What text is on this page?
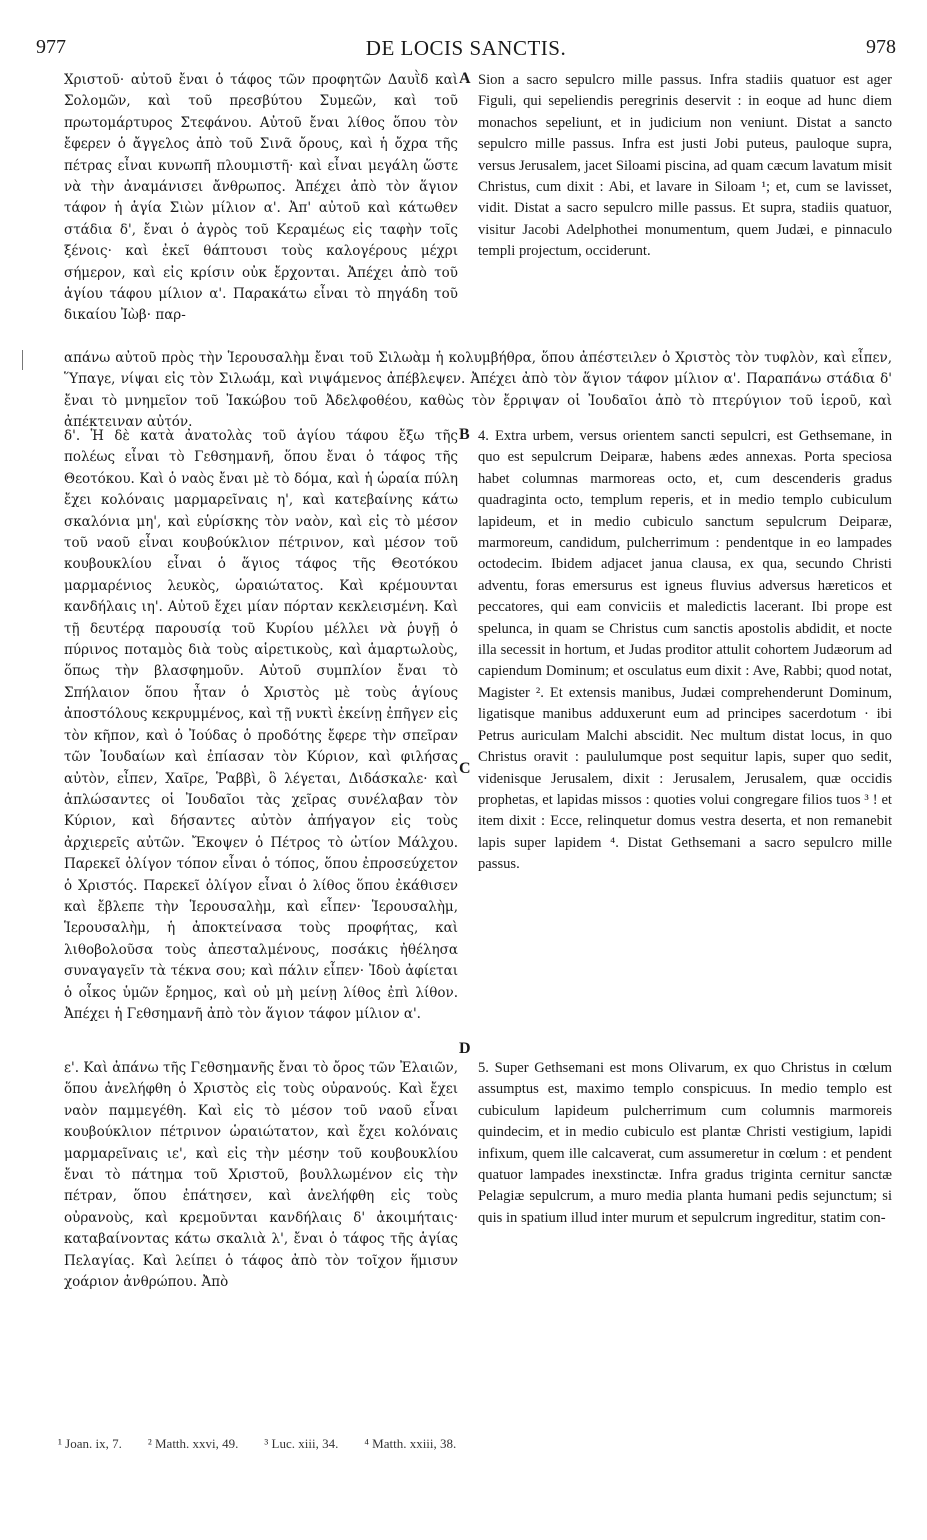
977	DE LOCIS SANCTIS.	978
Χριστοῦ· αὐτοῦ ἔναι ὁ τάφος τῶν προφητῶν Δαυῒδ καὶ Σολομῶν, καὶ τοῦ πρεσβύτου Συμεῶν, καὶ τοῦ πρωτομάρτυρος Στεφάνου. Αὐτοῦ ἔναι λίθος ὅπου τὸν ἔφερεν ὁ ἄγγελος ἀπὸ τοῦ Σινᾶ ὄρους, καὶ ἡ ὄχρα τῆς πέτρας εἶναι κυνωπῆ πλουμιστῆ· καὶ εἶναι μεγάλη ὥστε νὰ τὴν ἀναμάνισει ἄνθρωπος. Ἀπέχει ἀπὸ τὸν ἅγιον τάφον ἡ ἁγία Σιὼν μίλιον α'. Ἀπ' αὐτοῦ καὶ κάτωθεν στάδια δ', ἔναι ὁ ἀγρὸς τοῦ Κεραμέως εἰς ταφὴν τοῖς ξένοις· καὶ ἐκεῖ θάπτουσι τοὺς καλογέρους μέχρι σήμερον, καὶ εἰς κρίσιν οὐκ ἔρχονται. Ἀπέχει ἀπὸ τοῦ ἁγίου τάφου μίλιον α'. Παρακάτω εἶναι τὸ πηγάδη τοῦ δικαίου Ἰὼβ· παρ-
A Sion a sacro sepulcro mille passus. Infra stadiis quatuor est ager Figuli, qui sepeliendis peregrinis deservit : in eoque ad hunc diem monachos sepeliunt, et in judicium non veniunt. Distat a sancto sepulcro mille passus. Infra est justi Jobi puteus, pauloque supra, versus Jerusalem, jacet Siloami piscina, ad quam cæcum lavatum misit Christus, cum dixit : Abi, et lavare in Siloam ¹; et, cum se lavisset, vidit. Distat a sacro sepulcro mille passus. Et supra, stadiis quatuor, visitur Jacobi Adelphothei monumentum, quem Judæi, e pinnaculo templi projectum, occiderunt.
απάνω αὐτοῦ πρὸς τὴν Ἱερουσαλὴμ ἔναι τοῦ Σιλωὰμ ἡ κολυμβήθρα, ὅπου ἀπέστειλεν ὁ Χριστὸς τὸν τυφλὸν, καὶ εἶπεν, Ὕπαγε, νίψαι εἰς τὸν Σιλωάμ, καὶ νιψάμενος ἀπέβλεψεν. Ἀπέχει ἀπὸ τὸν ἅγιον τάφον μίλιον α'. Παραπάνω στάδια δ' ἔναι τὸ μνημεῖον τοῦ Ἰακώβου τοῦ Ἀδελφοθέου, καθὼς τὸν ἔρριψαν οἱ Ἰουδαῖοι ἀπὸ τὸ πτερύγιον τοῦ ἱεροῦ, καὶ ἀπέκτειναν αὐτόν.
δ'. Ἡ δὲ κατὰ ἀνατολὰς τοῦ ἁγίου τάφου ἔξω τῆς πολέως εἶναι τὸ Γεθσημανῆ, ὅπου ἔναι ὁ τάφος τῆς Θεοτόκου. Καὶ ὁ ναὸς ἔναι μὲ τὸ δόμα, καὶ ἡ ὡραία πύλη ἔχει κολόναις μαρμαρεῖναις η', καὶ κατεβαίνης κάτω σκαλόνια μη', καὶ εὑρίσκης τὸν ναὸν, καὶ εἰς τὸ μέσον τοῦ ναοῦ εἶναι κουβούκλιον πέτρινον, καὶ μέσον τοῦ κουβουκλίου εἶναι ὁ ἅγιος τάφος τῆς Θεοτόκου μαρμαρένιος λευκὸς, ὡραιώτατος. Καὶ κρέμουνται κανδήλαις ιη'. Αὐτοῦ ἔχει μίαν πόρταν κεκλεισμένη. Καὶ τῇ δευτέρᾳ παρουσίᾳ τοῦ Κυρίου μέλλει νὰ ῥυγῇ ὁ πύρινος ποταμὸς διὰ τοὺς αἱρετικοὺς, καὶ ἁμαρτωλοὺς, ὅπως τὴν βλασφημοῦν. Αὐτοῦ συμπλίον ἔναι τὸ Σπήλαιον ὅπου ἦταν ὁ Χριστὸς μὲ τοὺς ἁγίους ἀποστόλους κεκρυμμένος, καὶ τῇ νυκτὶ ἐκείνῃ ἐπῆγεν εἰς τὸν κῆπον, καὶ ὁ Ἰούδας ὁ προδότης ἔφερε τὴν σπεῖραν τῶν Ἰουδαίων καὶ ἐπίασαν τὸν Κύριον, καὶ φιλήσας αὐτὸν, εἶπεν, Χαῖρε, Ῥαββὶ, ὃ λέγεται, Διδάσκαλε· καὶ ἁπλώσαντες οἱ Ἰουδαῖοι τὰς χεῖρας συνέλαβαν τὸν Κύριον, καὶ δήσαντες αὐτὸν ἀπήγαγον εἰς τοὺς ἀρχιερεῖς αὐτῶν. Ἔκοψεν ὁ Πέτρος τὸ ὠτίον Μάλχου. Παρεκεῖ ὀλίγον τόπον εἶναι ὁ τόπος, ὅπου ἐπροσεύχετον ὁ Χριστός. Παρεκεῖ ὀλίγον εἶναι ὁ λίθος ὅπου ἐκάθισεν καὶ ἔβλεπε τὴν Ἱερουσαλὴμ, καὶ εἶπεν· Ἱερουσαλὴμ, Ἱερουσαλὴμ, ἡ ἀποκτείνασα τοὺς προφήτας, καὶ λιθοβολοῦσα τοὺς ἀπεσταλμένους, ποσάκις ἠθέλησα συναγαγεῖν τὰ τέκνα σου; καὶ πάλιν εἶπεν· Ἰδοὺ ἀφίεται ὁ οἶκος ὑμῶν ἔρημος, καὶ οὐ μὴ μείνῃ λίθος ἐπὶ λίθον. Ἀπέχει ἡ Γεθσημανῆ ἀπὸ τὸν ἅγιον τάφον μίλιον α'.
B
C
4. Extra urbem, versus orientem sancti sepulcri, est Gethsemane, in quo est sepulcrum Deiparæ, habens ædes annexas. Porta speciosa habet columnas marmoreas octo, et, cum descenderis gradus quadraginta octo, templum reperis, et in medio templo cubiculum lapideum, et in medio cubiculo sanctum sepulcrum Deiparæ, marmoreum, candidum, pulcherrimum : pendentque in eo lampades octodecim. Ibidem adjacet janua clausa, ex qua, secundo Christi adventu, foras emersurus est igneus fluvius adversus hæreticos et peccatores, qui eam conviciis et maledictis lacerant. Ibi prope est spelunca, in quam se Christus cum sanctis apostolis abdidit, et nocte illa secessit in hortum, et Judas proditor attulit cohortem Judæorum ad capiendum Dominum; et osculatus eum dixit : Ave, Rabbi; quod notat, Magister ². Et extensis manibus, Judæi comprehenderunt Dominum, ligatisque manibus adduxerunt eum ad principes sacerdotum · ibi Petrus auriculam Malchi abscidit. Nec multum distat locus, in quo Christus oravit : paululumque post sequitur lapis, super quo sedit, videnisque Jerusalem, dixit : Jerusalem, Jerusalem, quæ occidis prophetas, et lapidas missos : quoties volui congregare filios tuos ³ ! et item dixit : Ecce, relinquetur domus vestra deserta, et non remanebit lapis super lapidem ⁴. Distat Gethsemani a sacro sepulcro mille passus.
D
ε'. Καὶ ἀπάνω τῆς Γεθσημανῆς ἔναι τὸ ὄρος τῶν Ἐλαιῶν, ὅπου ἀνελήφθη ὁ Χριστὸς εἰς τοὺς οὐρανούς. Καὶ ἔχει ναὸν παμμεγέθη. Καὶ εἰς τὸ μέσον τοῦ ναοῦ εἶναι κουβούκλιον πέτρινον ὡραιώτατον, καὶ ἔχει κολόναις μαρμαρεῖναις ιε', καὶ εἰς τὴν μέσην τοῦ κουβουκλίου ἔναι τὸ πάτημα τοῦ Χριστοῦ, βουλλωμένον εἰς τὴν πέτραν, ὅπου ἐπάτησεν, καὶ ἀνελήφθη εἰς τοὺς οὐρανοὺς, καὶ κρεμοῦνται κανδήλαις δ' ἀκοιμήταις· καταβαίνοντας κάτω σκαλιὰ λ', ἔναι ὁ τάφος τῆς ἁγίας Πελαγίας. Καὶ λείπει ὁ τάφος ἀπὸ τὸν τοῖχον ἥμισυν χοάριον ἀνθρώπου. Ἀπὸ
5. Super Gethsemani est mons Olivarum, ex quo Christus in cœlum assumptus est, maximo templo conspicuus. In medio templo est cubiculum lapideum pulcherrimum cum columnis marmoreis quindecim, et in medio cubiculo est plantæ Christi vestigium, lapidi infixum, quem ille calcaverat, cum assumeretur in cœlum : et pendent quatuor lampades inexstinctæ. Infra gradus triginta cernitur sanctæ Pelagiæ sepulcrum, a muro media planta humani pedis sejunctum; si quis in spatium illud inter murum et sepulcrum ingreditur, statim con-
¹ Joan. ix, 7. ² Matth. xxvi, 49. ³ Luc. xiii, 34. ⁴ Matth. xxiii, 38.
